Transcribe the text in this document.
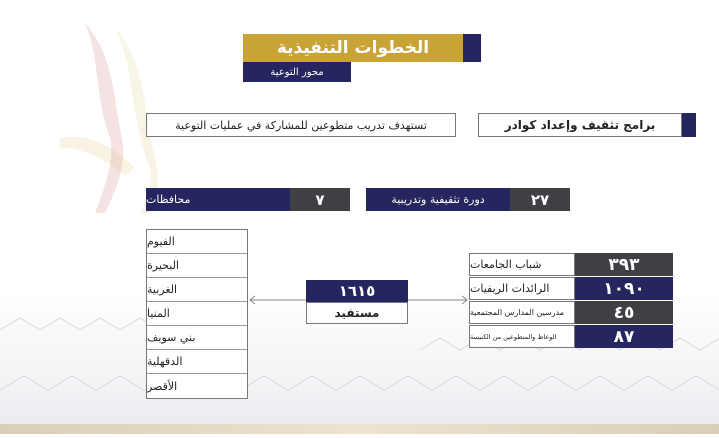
الخطوات التنفيذية
محور التوعية
برامج تثقيف وإعداد كوادر
تستهدف تدريب متطوعين للمشاركة في عمليات التوعية
محافظات	٧	دورة تثقيفية وتدريبية	٢٧
الفيوم
البحيرة
الغربية
المنيا
بني سويف
الدقهلية
الأقصر
١٦١٥
مستفيد
شباب الجامعات	٣٩٣
الرائدات الريفيات	١٠٩٠
مدرسين المدارس المجتمعية	٤٥
الوعاظ والمتطوعين من الكنيسة	٨٧
